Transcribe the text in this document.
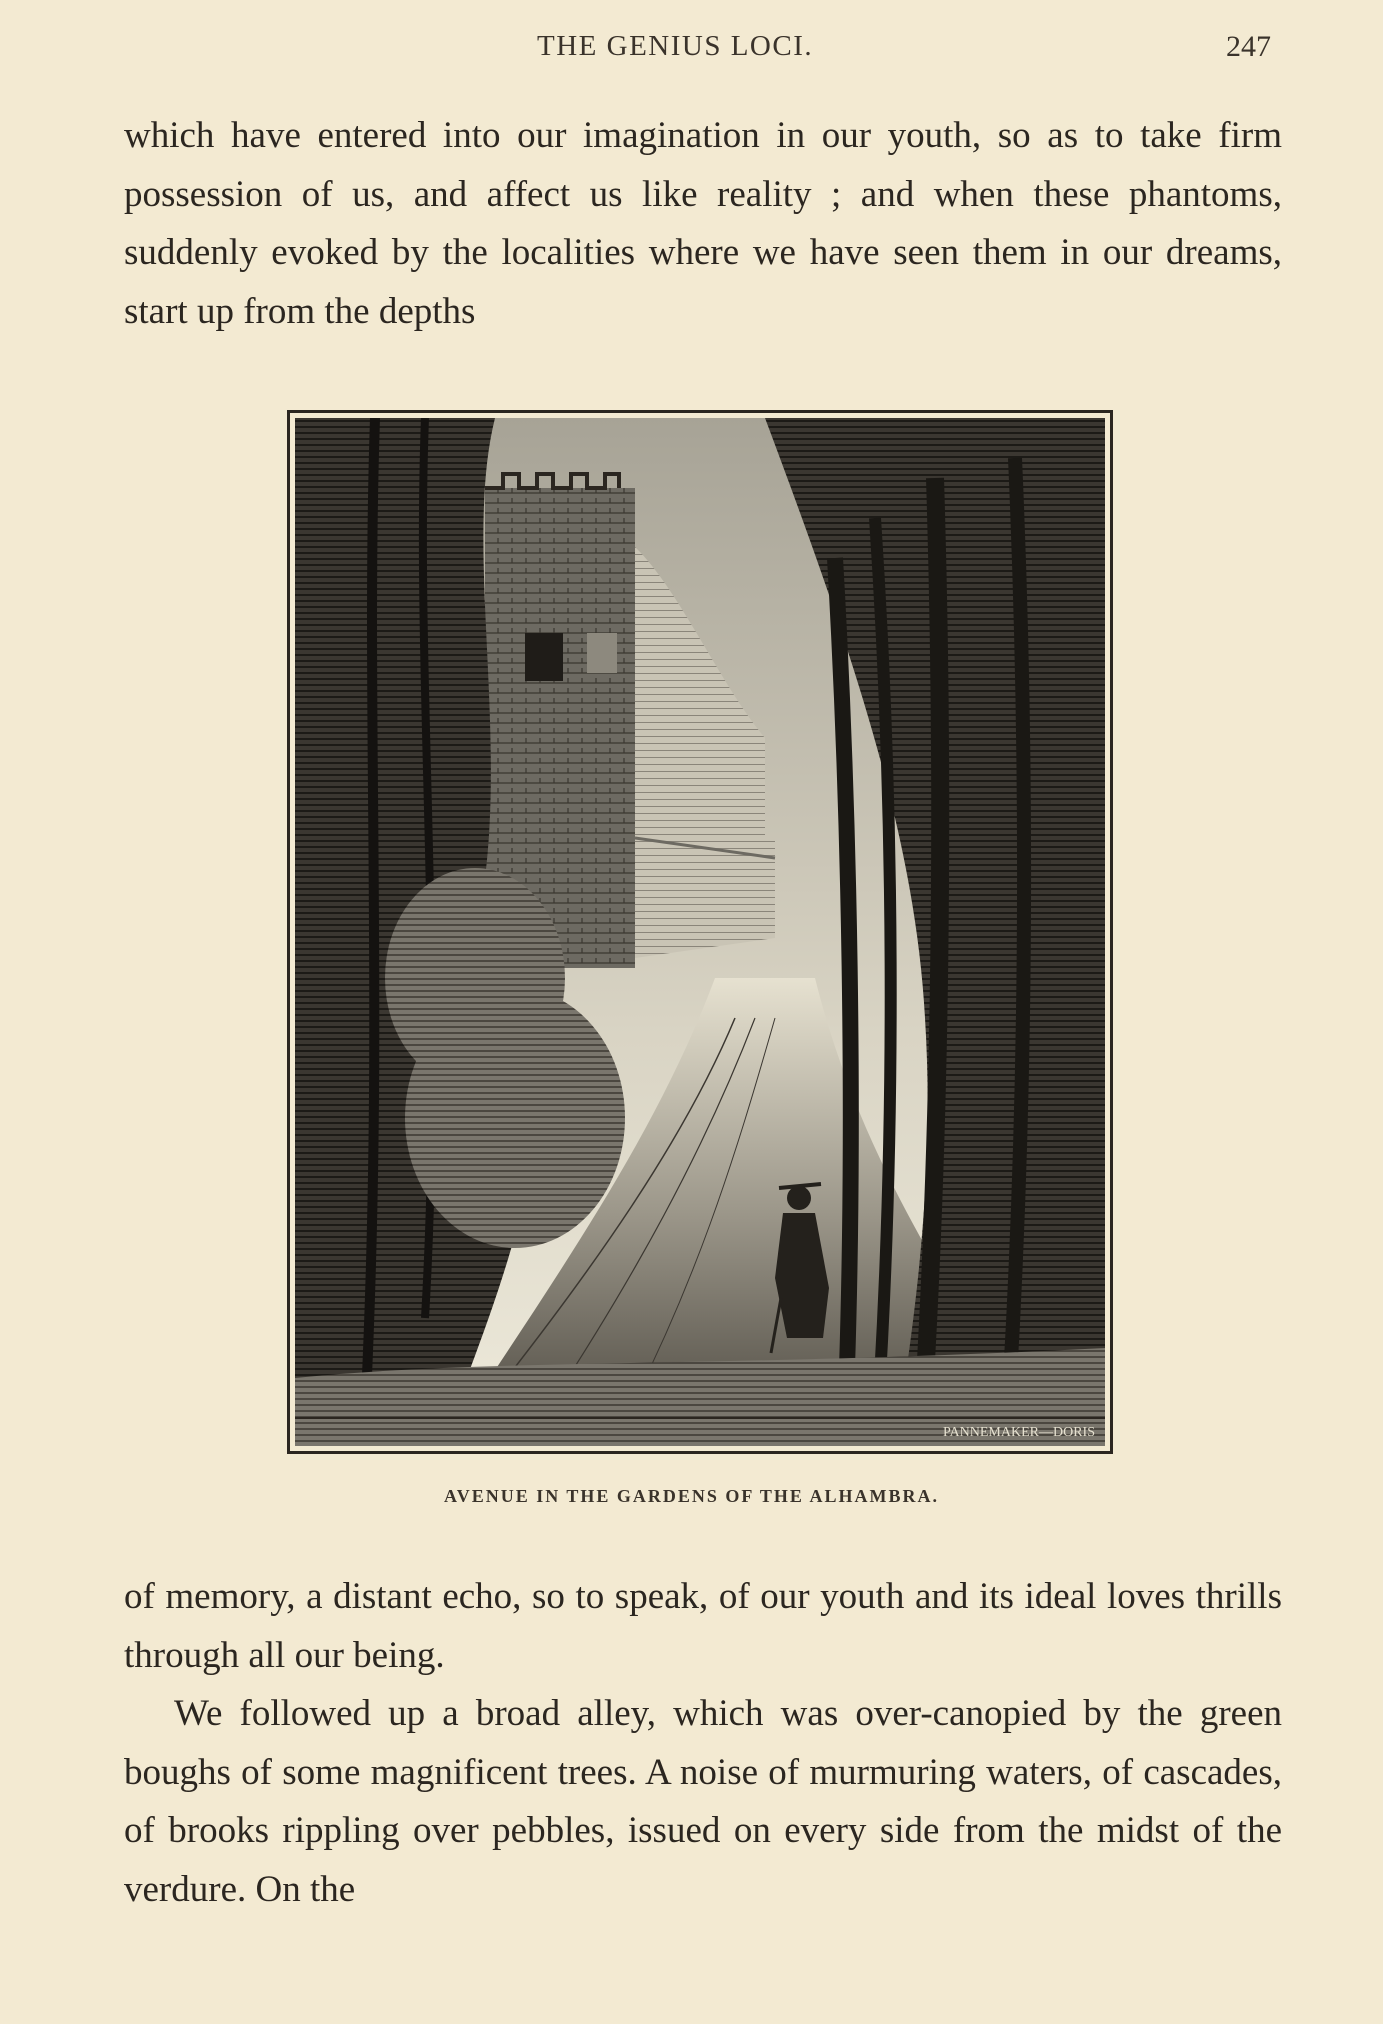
THE GENIUS LOCI.	247

which have entered into our imagination in our youth, so as to take firm possession of us, and affect us like reality ; and when these phantoms, suddenly evoked by the localities where we have seen them in our dreams, start up from the depths

PANNEMAKER—DORIS
AVENUE IN THE GARDENS OF THE ALHAMBRA.

of memory, a distant echo, so to speak, of our youth and its ideal loves thrills through all our being.

We followed up a broad alley, which was over-canopied by the green boughs of some magnificent trees. A noise of murmuring waters, of cascades, of brooks rippling over pebbles, issued on every side from the midst of the verdure. On the
